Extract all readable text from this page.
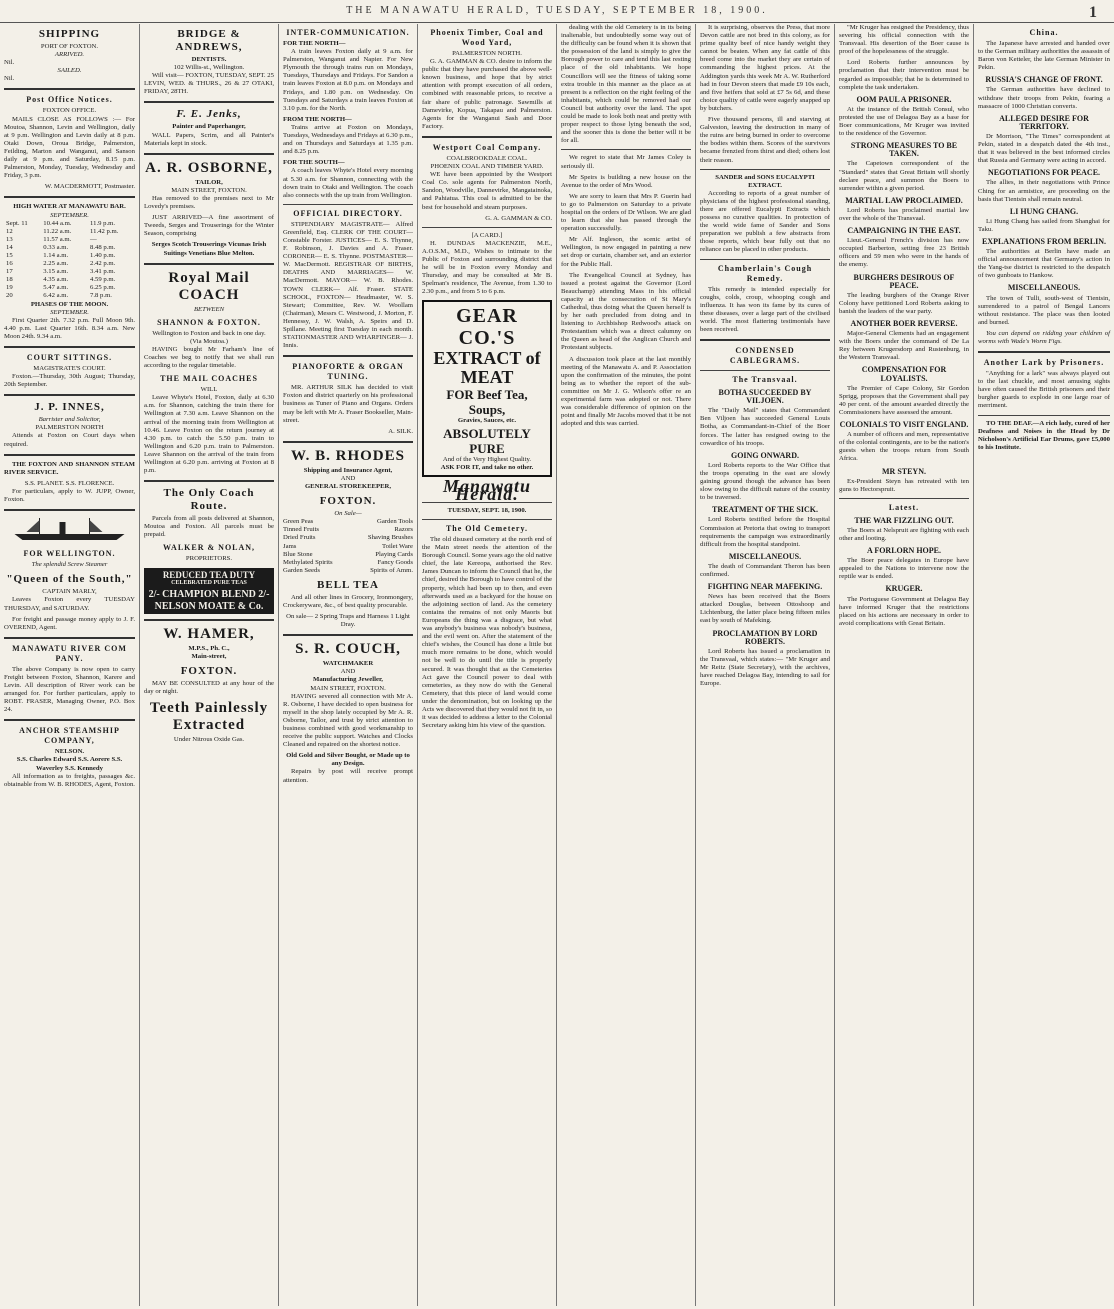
THE MANAWATU HERALD, TUESDAY, SEPTEMBER 18, 1900.	1
SHIPPING
PORT OF FOXTON.
ARRIVED.
Nil.
SAILED.
Nil.
Post Office Notices.
FOXTON OFFICE.

MAILS CLOSE AS FOLLOWS :— For Moutoa, Shannon, Levin and Wellington, daily at 9 p.m. Wellington and Levin daily at 8 p.m. Otaki Down, Oroua Bridge, Palmerston, Feilding, Marton and Wanganui, and Sanson daily at 9 p.m. and Saturday, 8.15 p.m. Palmerston, Monday, Tuesday, Wednesday and Friday, 3 p.m.

W. MACDERMOTT, Postmaster.
HIGH WATER AT MANAWATU BAR.
SEPTEMBER.
Sept. 11	10.44 a.m.	11.9 p.m.
12	11.22 a.m.	11.42 p.m.
13	11.57 a.m.	—
14	0.33 a.m.	8.48 p.m.
15	1.14 a.m.	1.40 p.m.
16	2.25 a.m.	2.42 p.m.
17	3.15 a.m.	3.41 p.m.
18	4.35 a.m.	4.59 p.m.
19	5.47 a.m.	6.25 p.m.
20	6.42 a.m.	7.8 p.m.
PHASES OF THE MOON.
SEPTEMBER.

First Quarter 2th. 7.32 p.m. Full Moon 9th. 4.40 p.m. Last Quarter 16th. 8.34 a.m. New Moon 24th. 9.34 a.m.

COURT SITTINGS.
MAGISTRATE'S COURT.

Foxton.—Thursday, 30th August; Thursday, 20th September.

J. P. INNES,
Barrister and Solicitor,
PALMERSTON NORTH

Attends at Foxton on Court days when required.

THE FOXTON AND SHANNON STEAM RIVER SERVICE.

S.S. PLANET. S.S. FLORENCE.

For particulars, apply to W. JUPP, Owner, Foxton.

FOR WELLINGTON.
The splendid Screw Steamer
"Queen of the South,"
CAPTAIN MARLY,

Leaves Foxton every TUESDAY THURSDAY, and SATURDAY.

For freight and passage money apply to J. F. OVEREND, Agent.

MANAWATU RIVER COM PANY.

The above Company is now open to carry Freight between Foxton, Shannon, Karere and Levin. All description of River work can be arranged for. For further particulars, apply to ROBT. FRASER, Managing Owner, P.O. Box 24.

ANCHOR STEAMSHIP COMPANY,
NELSON.
S.S. Charles Edward S.S. Aorere S.S. Waverley S.S. Kennedy

All information as to freights, passages &c. obtainable from W. B. RHODES, Agent, Foxton.

BRIDGE & ANDREWS,
DENTISTS.
102 Willis-st., Wellington.

Will visit— FOXTON, TUESDAY, SEPT. 25 LEVIN, WED. & THURS., 26 & 27 OTAKI, FRIDAY, 28TH.

F. E. Jenks,
Painter and Paperhanger,

WALL Papers, Scrim, and all Painter's Materials kept in stock.

A. R. OSBORNE,
TAILOR,
MAIN STREET, FOXTON.

Has removed to the premises next to Mr Lovedy's premises.

JUST ARRIVED—A fine assortment of Tweeds, Serges and Trouserings for the Winter Season, comprising

Serges Scotch Trouserings Vicunas Irish Suitings Venetians Blue Melton.
Royal Mail COACH
BETWEEN
SHANNON & FOXTON.
Wellington to Foxton and back in one day.
(Via Moutoa.)

HAVING bought Mr Farham's line of Coaches we beg to notify that we shall run according to the regular timetable.

THE MAIL COACHES
WILL

Leave Whyte's Hotel, Foxton, daily at 6.30 a.m. for Shannon, catching the train there for Wellington at 7.30 a.m. Leave Shannon on the arrival of the morning train from Wellington at 10.46. Leave Foxton on the return journey at 4.30 p.m. to catch the 5.50 p.m. train to Wellington and 6.20 p.m. train to Palmerston. Leave Shannon on the arrival of the train from Wellington at 6.20 p.m. arriving at Foxton at 8 p.m.

The Only Coach Route.

Parcels from all posts delivered at Shannon, Moutoa and Foxton. All parcels must be prepaid.

WALKER & NOLAN,
PROPRIETORS.
REDUCED TEA DUTY
CELEBRATED PURE TEAS
2/- CHAMPION BLEND 2/-
NELSON MOATE & Co.
W. HAMER,
M.P.S., Ph. C.,
Main-street,
FOXTON.

MAY BE CONSULTED at any hour of the day or night.

Teeth Painlessly Extracted
Under Nitrous Oxide Gas.
INTER-COMMUNICATION.
FOR THE NORTH—

A train leaves Foxton daily at 9 a.m. for Palmerston, Wanganui and Napier. For New Plymouth the through trains run on Mondays, Tuesdays, Thursdays and Fridays. For Sandon a train leaves Foxton at 8.0 p.m. on Mondays and Fridays, and 1.80 p.m. on Wednesday. On Tuesdays and Saturdays a train leaves Foxton at 3.10 p.m. for the North.

FROM THE NORTH—

Trains arrive at Foxton on Mondays, Tuesdays, Wednesdays and Fridays at 6.30 p.m., and on Thursdays and Saturdays at 1.35 p.m. and 8.25 p.m.

FOR THE SOUTH—

A coach leaves Whyte's Hotel every morning at 5.30 a.m. for Shannon, connecting with the down train to Otaki and Wellington. The coach also connects with the up train from Wellington.

OFFICIAL DIRECTORY.

STIPENDIARY MAGISTRATE— Alfred Greenfield, Esq. CLERK OF THE COURT— Constable Forster. JUSTICES— E. S. Thynne, F. Robinson, J. Davies and A. Fraser. CORONER— E. S. Thynne. POSTMASTER— W. MacDermott. REGISTRAR OF BIRTHS, DEATHS AND MARRIAGES— W. MacDermott. MAYOR— W. B. Rhodes. TOWN CLERK— Alf. Fraser. STATE SCHOOL, FOXTON— Headmaster, W. S. Stewart; Committee, Rev. W. Woollam (Chairman), Messrs C. Westwood, J. Morton, F. Hennessy, J. W. Walsh, A. Speirs and D. Spillane. Meeting first Tuesday in each month. STATIONMASTER AND WHARFINGER— J. Innis.

PIANOFORTE & ORGAN TUNING.

MR. ARTHUR SILK has decided to visit Foxton and district quarterly on his professional business as Tuner of Piano and Organs. Orders may be left with Mr A. Fraser Bookseller, Main-street.

A. SILK.
W. B. RHODES
Shipping and Insurance Agent,
AND
GENERAL STOREKEEPER,
FOXTON.
On Sale—
Green Peas	Garden Tools
Tinned Fruits	Razors
Dried Fruits	Shaving Brushes
Jams	Toilet Ware
Blue Stone	Playing Cards
Methylated Spirits	Fancy Goods
Garden Seeds	Spirits of Amm.
BELL TEA

And all other lines in Grocery, Ironmongery, Crockeryware, &c., of best quality procurable.

On sale— 2 Spring Traps and Harness 1 Light Dray.
S. R. COUCH,
WATCHMAKER
AND
Manufacturing Jeweller,
MAIN STREET, FOXTON.

HAVING severed all connection with Mr A. R. Osborne, I have decided to open business for myself in the shop lately occupied by Mr A. R. Osborne, Tailor, and trust by strict attention to business combined with good workmanship to receive the public support. Watches and Clocks Cleaned and repaired on the shortest notice.

Old Gold and Silver Bought, or Made up to any Design.

Repairs by post will receive prompt attention.

Phoenix Timber, Coal and Wood Yard,
PALMERSTON NORTH.

G. A. GAMMAN & CO. desire to inform the public that they have purchased the above well-known business, and hope that by strict attention with prompt execution of all orders, combined with reasonable prices, to receive a fair share of public patronage. Sawmills at Damevirke, Kopua, Takapau and Palmerston. Agents for the Wanganui Sash and Door Factory.

Westport Coal Company.
COALBROOKDALE COAL.
PHOENIX COAL AND TIMBER YARD.

WE have been appointed by the Westport Coal Co. sole agents for Palmerston North, Sandon, Woodville, Dannevirke, Mangatainoka, and Pahiatua. This coal is admitted to be the best for household and steam purposes.

G. A. GAMMAN & CO.
[A CARD.]

H. DUNDAS MACKENZIE, M.E., A.O.S.M., M.D., Wishes to intimate to the Public of Foxton and surrounding district that he will be in Foxton every Monday and Thursday, and may be consulted at Mr B. Spelman's residence, The Avenue, from 1.30 to 2.30 p.m., and from 5 to 6 p.m.

GEAR CO.'S
EXTRACT of MEAT
FOR Beef Tea, Soups,
Gravies, Sauces, etc.
ABSOLUTELY PURE
And of the Very Highest Quality.
ASK FOR IT, and take no other.
Manawatu Herald.
TUESDAY, SEPT. 18, 1900.
The Old Cemetery.

The old disused cemetery at the north end of the Main street needs the attention of the Borough Council. Some years ago the old native chief, the late Kereopa, authorised the Rev. James Duncan to inform the Council that he, the chief, desired the Borough to have control of the property, which had been up to then, and even afterwards used as a backyard for the house on the adjoining section of land. As the cemetery contains the remains of not only Maoris but Europeans the thing was a disgrace, but what was anybody's business was nobody's business, and the evil went on. After the statement of the chief's wishes, the Council has done a little but much more remains to be done, which would not be well to do until the title is properly secured. It was thought that as the Cemeteries Act gave the Council power to deal with cemeteries, as they now do with the General Cemetery, that this piece of land would come under the denomination, but on looking up the Acts we discovered that they would not fit in, so it was decided to address a letter to the Colonial Secretary asking him his view of the question.

dealing with the old Cemetery is in its being inalienable, but undoubtedly some way out of the difficulty can be found when it is shown that the possession of the land is simply to give the Borough power to care and tend this last resting place of the old inhabitants. We hope Councillors will see the fitness of taking some extra trouble in this manner as the place as at present is a reflection on the right feeling of the inhabitants, which could be removed had our Council but authority over the land. The spot could be made to look both neat and pretty with proper respect to those lying beneath the sod, and the sooner this is done the better will it be for all.

We regret to state that Mr James Coley is seriously ill.

Mr Speirs is building a new house on the Avenue to the order of Mrs Wood.

We are sorry to learn that Mrs P. Guerin had to go to Palmerston on Saturday to a private hospital on the orders of Dr Wilson. We are glad to learn that she has passed through the operation successfully.

Mr Alf. Ingleson, the scenic artist of Wellington, is now engaged in painting a new set drop or curtain, chamber set, and an exterior for the Public Hall.

The Evangelical Council at Sydney, has issued a protest against the Governor (Lord Beauchamp) attending Mass in his official capacity at the consecration of St Mary's Cathedral, thus doing what the Queen herself is by her oath precluded from doing and in listening to Archbishop Redwood's attack on Protestantism which was a direct calumny on the Queen as head of the Anglican Church and Protestant subjects.

A discussion took place at the last monthly meeting of the Manawatu A. and P. Association upon the confirmation of the minutes, the point being as to whether the report of the sub-committee on Mr J. G. Wilson's offer re an experimental farm was adopted or not. There was considerable difference of opinion on the point and finally Mr Jacobs moved that it be not adopted and this was carried.

It is surprising, observes the Press, that more Devon cattle are not bred in this colony, as for prime quality beef of nice handy weight they cannot be beaten. When any fat cattle of this breed come into the market they are certain of commanding the highest prices. At the Addington yards this week Mr A. W. Rutherford had in four Devon steers that made £9 10s each, and five heifers that sold at £7 5s 6d, and these choice quality of cattle were eagerly snapped up by butchers.

Five thousand persons, ill and starving at Galveston, leaving the destruction in many of the ruins are being burned in order to overcome the bodies within them. Scores of the survivors became frenzied from thirst and died; others lost their reason.

SANDER and SONS EUCALYPTI EXTRACT.

According to reports of a great number of physicians of the highest professional standing, there are offered Eucalypti Extracts which possess no curative qualities. In protection of the world wide fame of Sander and Sons preparation we publish a few abstracts from those reports, which bear fully out that no reliance can be placed in other products.

Chamberlain's Cough Remedy.

This remedy is intended especially for coughs, colds, croup, whooping cough and influenza. It has won its fame by its cures of these diseases, over a large part of the civilised world. The most flattering testimonials have been received.

CONDENSED CABLEGRAMS.
The Transvaal.
BOTHA SUCCEEDED BY VILJOEN.

The "Daily Mail" states that Commandant Ben Viljoen has succeeded General Louis Botha, as Commandant-in-Chief of the Boer forces. The latter has resigned owing to the cowardice of his troops.

GOING ONWARD.

Lord Roberts reports to the War Office that the troops operating in the east are slowly gaining ground though the advance has been slow owing to the difficult nature of the country to be traversed.

TREATMENT OF THE SICK.

Lord Roberts testified before the Hospital Commission at Pretoria that owing to transport requirements the campaign was extraordinarily difficult from the hospital standpoint.

MISCELLANEOUS.

The death of Commandant Theron has been confirmed.

FIGHTING NEAR MAFEKING.

News has been received that the Boers attacked Douglas, between Ottoshoop and Lichtenburg, the latter place being fifteen miles east by south of Mafeking.

PROCLAMATION BY LORD ROBERTS.

Lord Roberts has issued a proclamation in the Transvaal, which states:— "Mr Kruger and Mr Reitz (State Secretary), with the archives, have reached Delagoa Bay, intending to sail for Europe.

"Mr Kruger has resigned the Presidency, thus severing his official connection with the Transvaal. His desertion of the Boer cause is proof of the hopelessness of the struggle.

Lord Roberts further announces by proclamation that their intervention must be regarded as impossible; that he is determined to complete the task undertaken.

OOM PAUL A PRISONER.

At the instance of the British Consul, who protested the use of Delagoa Bay as a base for Boer communications, Mr Kruger was invited to the residence of the Governor.

STRONG MEASURES TO BE TAKEN.

The Capetown correspondent of the "Standard" states that Great Britain will shortly declare peace, and summon the Boers to surrender within a given period.

MARTIAL LAW PROCLAIMED.

Lord Roberts has proclaimed martial law over the whole of the Transvaal.

CAMPAIGNING IN THE EAST.

Lieut.-General French's division has now occupied Barberton, setting free 23 British officers and 59 men who were in the hands of the enemy.

BURGHERS DESIROUS OF PEACE.

The leading burghers of the Orange River Colony have petitioned Lord Roberts asking to banish the leaders of the war party.

ANOTHER BOER REVERSE.

Major-General Clements had an engagement with the Boers under the command of De La Rey between Krugersdorp and Rustenburg, in the Western Transvaal.

COMPENSATION FOR LOYALISTS.

The Premier of Cape Colony, Sir Gordon Sprigg, proposes that the Government shall pay 40 per cent. of the amount awarded directly the Commissioners have assessed the amount.

COLONIALS TO VISIT ENGLAND.

A number of officers and men, representative of the colonial contingents, are to be the nation's guests when the troops return from South Africa.

MR STEYN.

Ex-President Steyn has retreated with ten guns to Hectorspruit.

Latest.
THE WAR FIZZLING OUT.

The Boers at Nelspruit are fighting with each other and looting.

A FORLORN HOPE.

The Boer peace delegates in Europe have appealed to the Nations to intervene now the reptile war is ended.

KRUGER.

The Portuguese Government at Delagoa Bay have informed Kruger that the restrictions placed on his actions are necessary in order to avoid complications with Great Britain.

China.

The Japanese have arrested and handed over to the German military authorities the assassin of Baron von Ketteler, the late German Minister in Pekin.

RUSSIA'S CHANGE OF FRONT.

The German authorities have declined to withdraw their troops from Pekin, fearing a massacre of 1000 Christian converts.

ALLEGED DESIRE FOR TERRITORY.

Dr Morrison, "The Times" correspondent at Pekin, stated in a despatch dated the 4th inst., that it was believed in the best informed circles that Russia and Germany were acting in accord.

NEGOTIATIONS FOR PEACE.

The allies, in their negotiations with Prince Ching for an armistice, are proceeding on the basis that Tientsin shall remain neutral.

LI HUNG CHANG.

Li Hung Chang has sailed from Shanghai for Taku.

EXPLANATIONS FROM BERLIN.

The authorities at Berlin have made an official announcement that Germany's action in the Yang-tse district is restricted to the despatch of two gunboats to Hankow.

MISCELLANEOUS.

The town of Tulli, south-west of Tientsin, surrendered to a patrol of Bengal Lancers without resistance. The place was then looted and burned.

You can depend on ridding your children of worms with Wade's Worm Figs.

Another Lark by Prisoners.

"Anything for a lark" was always played out to the last chuckle, and most amusing sights have often caused the British prisoners and their burgher guards to explode in one large roar of merriment.

TO THE DEAF.—A rich lady, cured of her Deafness and Noises in the Head by Dr Nicholson's Artificial Ear Drums, gave £5,000 to his Institute.
